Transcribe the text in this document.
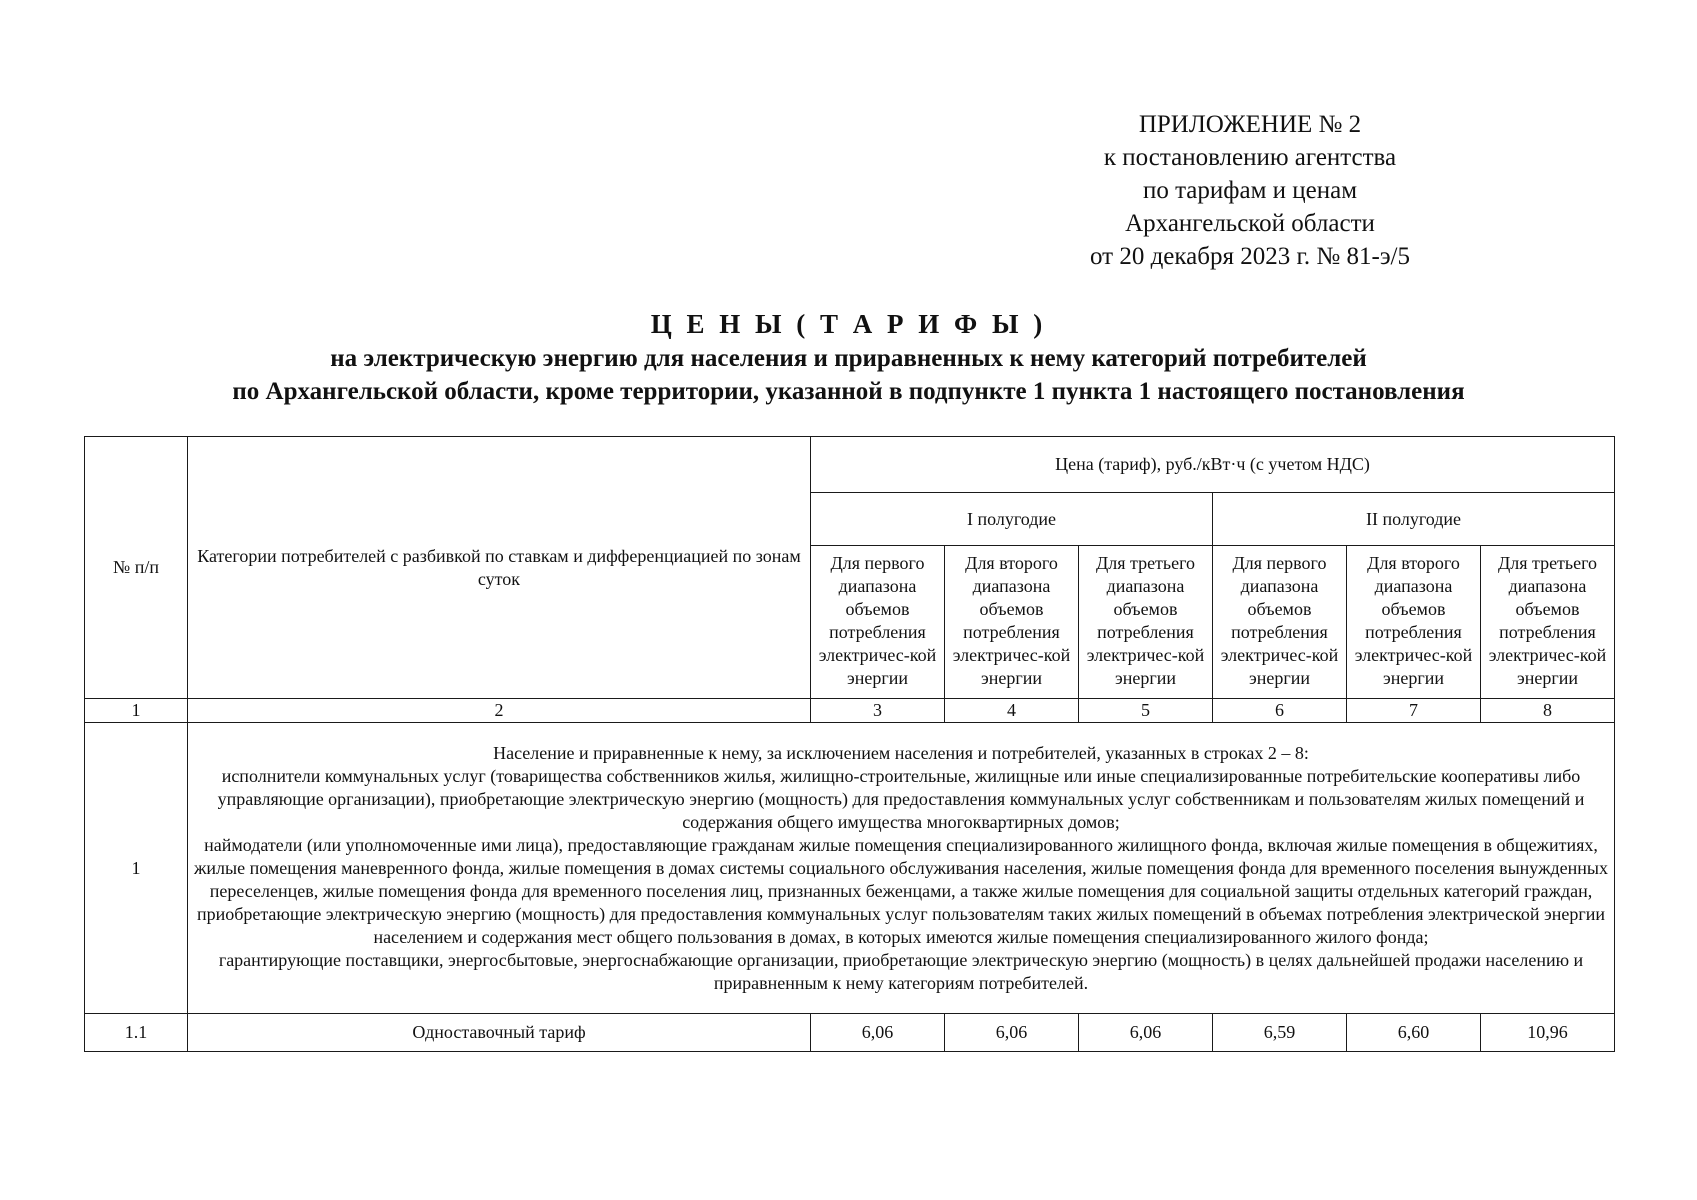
ПРИЛОЖЕНИЕ № 2
к постановлению агентства
по тарифам и ценам
Архангельской области
от 20 декабря 2023 г. № 81-э/5
Ц Е Н Ы ( Т А Р И Ф Ы )
на электрическую энергию для населения и приравненных к нему категорий потребителей
по Архангельской области, кроме территории, указанной в подпункте 1 пункта 1 настоящего постановления
№ п/п	Категории потребителей с разбивкой по ставкам и дифференциацией по зонам суток	Цена (тариф), руб./кВт·ч (с учетом НДС)					
		I полугодие			II полугодие		
		Для первого диапазона объемов потребления электричес-кой энергии	Для второго диапазона объемов потребления электричес-кой энергии	Для третьего диапазона объемов потребления электричес-кой энергии	Для первого диапазона объемов потребления электричес-кой энергии	Для второго диапазона объемов потребления электричес-кой энергии	Для третьего диапазона объемов потребления электричес-кой энергии
1	2	3	4	5	6	7	8
1	Население и приравненные к нему, за исключением населения и потребителей, указанных в строках 2 – 8:

исполнители коммунальных услуг (товарищества собственников жилья, жилищно-строительные, жилищные или иные специализированные потребительские кооперативы либо управляющие организации), приобретающие электрическую энергию (мощность) для предоставления коммунальных услуг собственникам и пользователям жилых помещений и содержания общего имущества многоквартирных домов;

наймодатели (или уполномоченные ими лица), предоставляющие гражданам жилые помещения специализированного жилищного фонда, включая жилые помещения в общежитиях, жилые помещения маневренного фонда, жилые помещения в домах системы социального обслуживания населения, жилые помещения фонда для временного поселения вынужденных переселенцев, жилые помещения фонда для временного поселения лиц, признанных беженцами, а также жилые помещения для социальной защиты отдельных категорий граждан, приобретающие электрическую энергию (мощность) для предоставления коммунальных услуг пользователям таких жилых помещений в объемах потребления электрической энергии населением и содержания мест общего пользования в домах, в которых имеются жилые помещения специализированного жилого фонда;

гарантирующие поставщики, энергосбытовые, энергоснабжающие организации, приобретающие электрическую энергию (мощность) в целях дальнейшей продажи населению и приравненным к нему категориям потребителей.						

1.1	Одноставочный тариф	6,06	6,06	6,06	6,59	6,60	10,96
